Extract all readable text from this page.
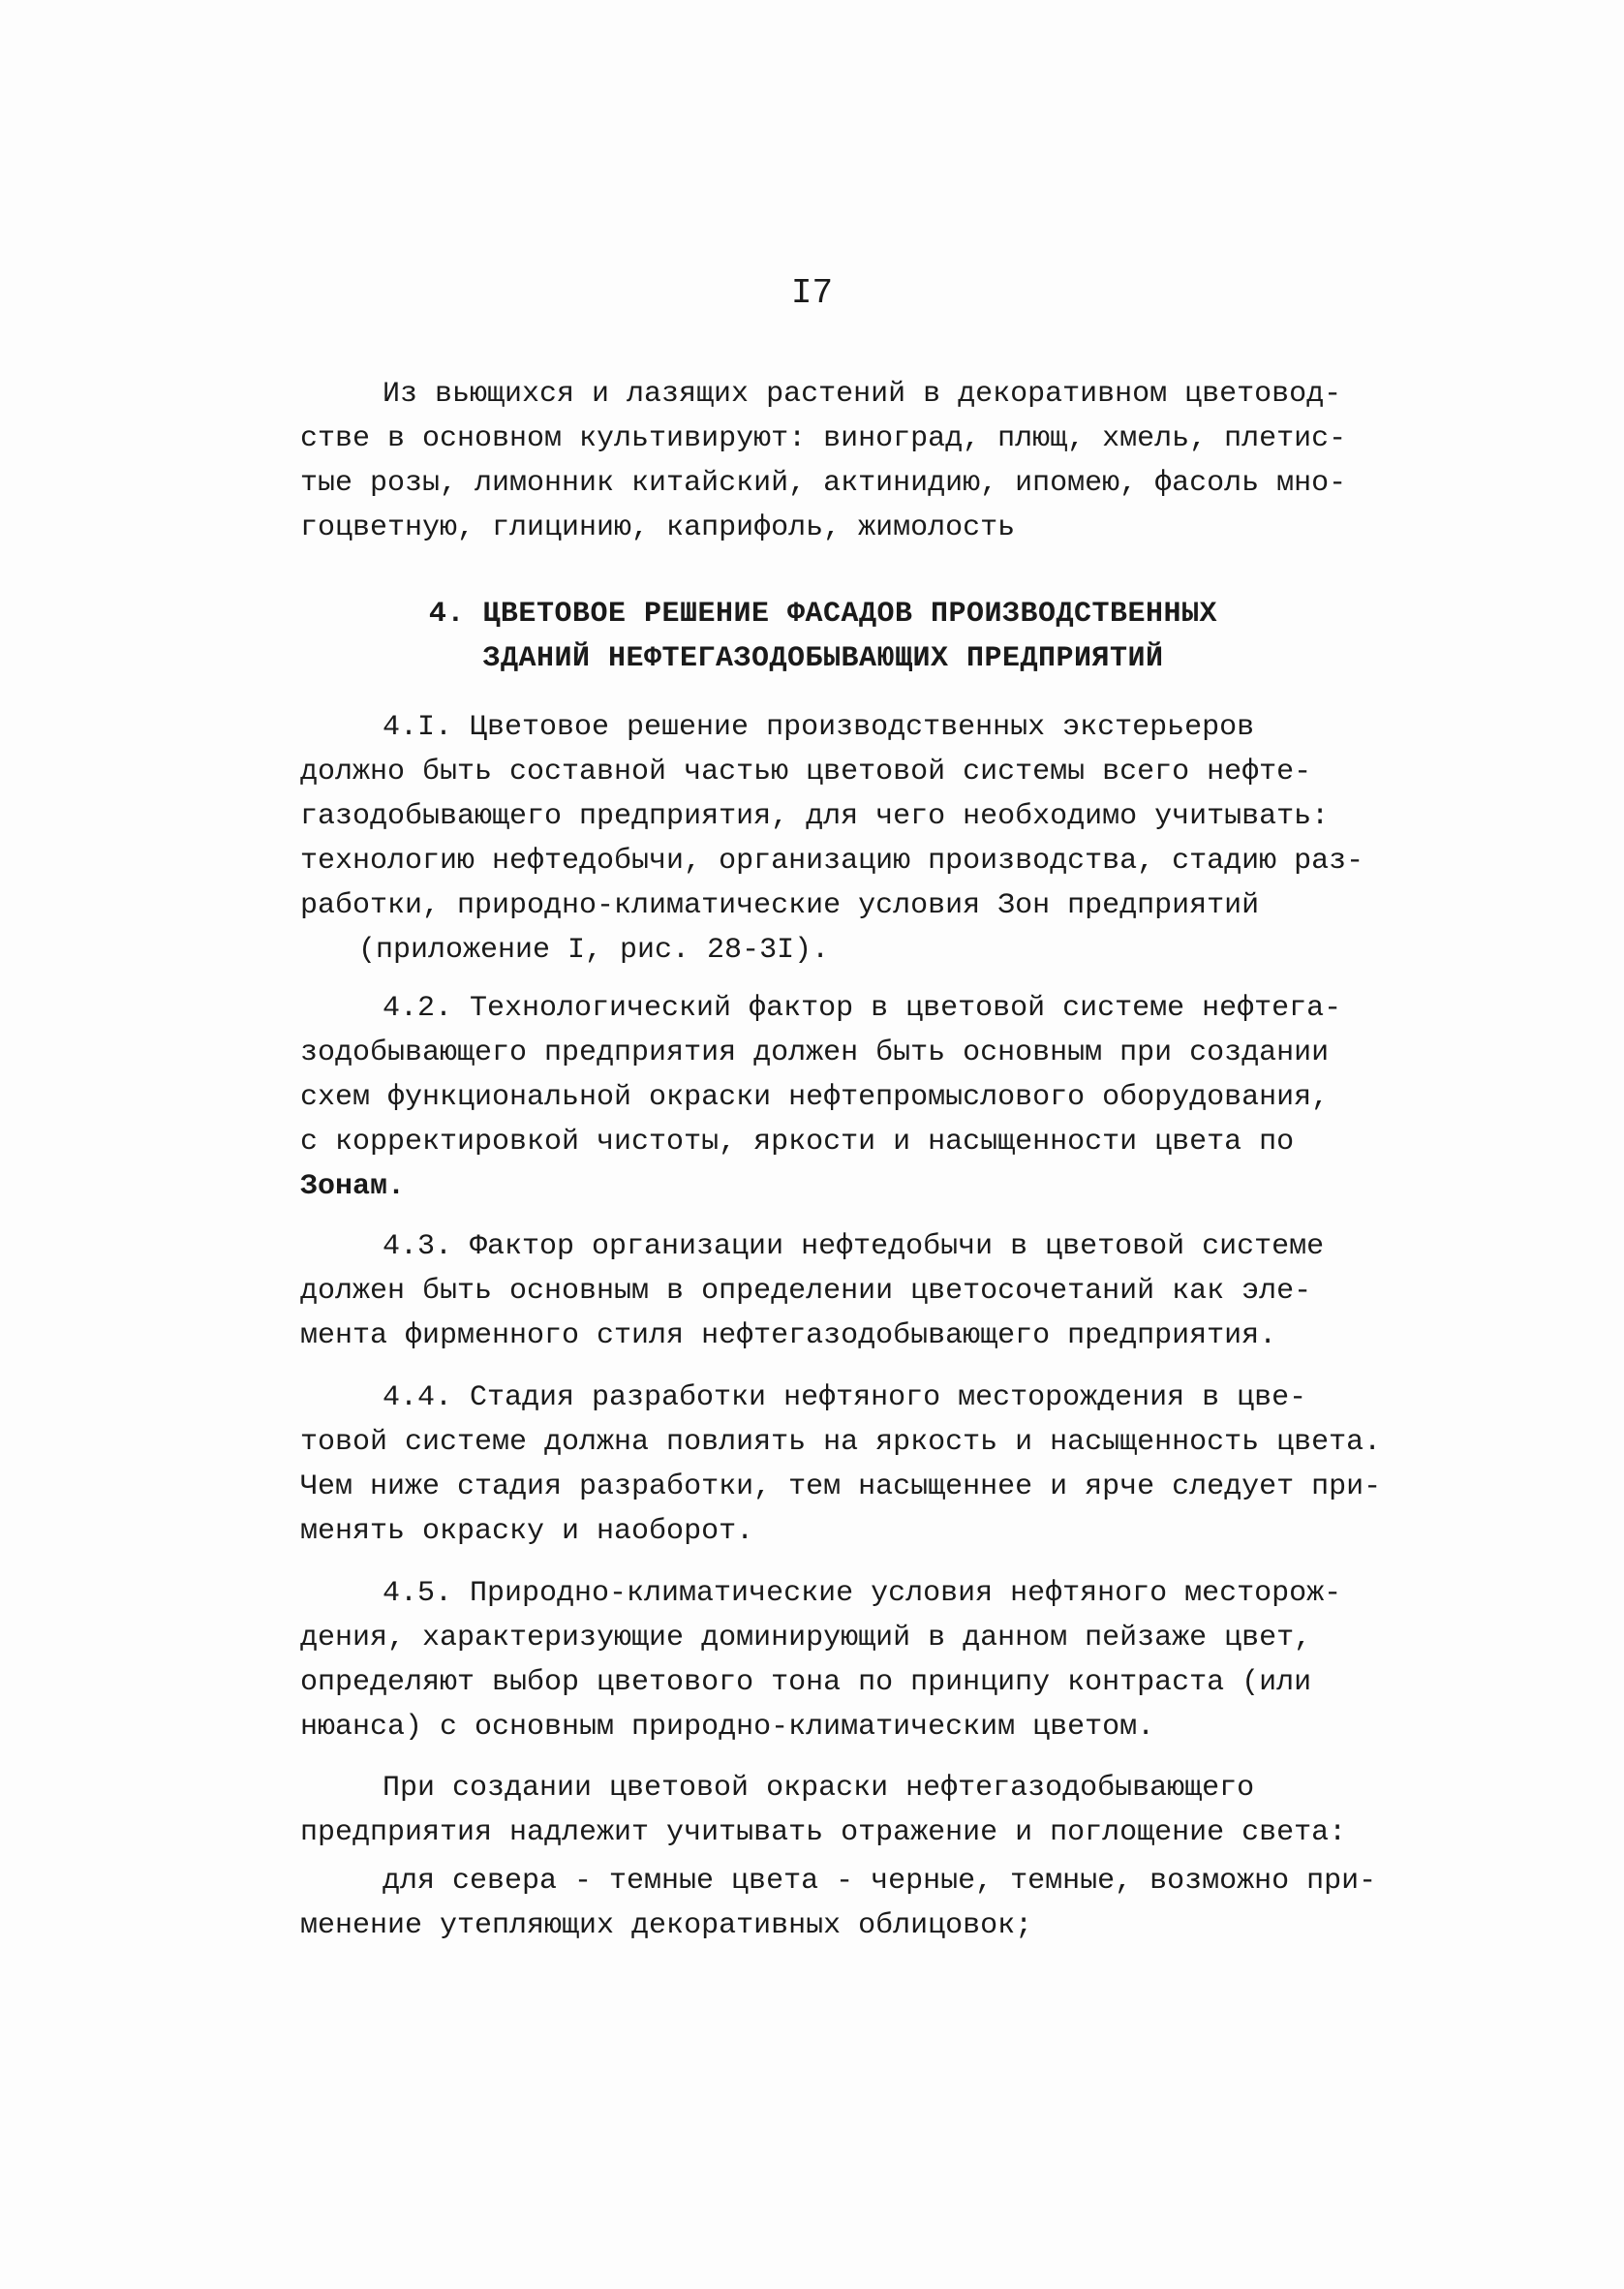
I7
Из вьющихся и лазящих растений в декоративном цветовод-
стве в основном культивируют: виноград, плющ, хмель, плетис-
тые розы, лимонник китайский, актинидию, ипомею, фасоль мно-
гоцветную, глицинию, каприфоль, жимолость
4. ЦВЕТОВОЕ РЕШЕНИЕ ФАСАДОВ ПРОИЗВОДСТВЕННЫХ
ЗДАНИЙ НЕФТЕГАЗОДОБЫВАЮЩИХ ПРЕДПРИЯТИЙ
4.I. Цветовое решение производственных экстерьеров
должно быть составной частью цветовой системы всего нефте-
газодобывающего предприятия, для чего необходимо учитывать:
технологию нефтедобычи, организацию производства, стадию раз-
работки, природно-климатические условия Зон предприятий
(приложение I, рис. 28-3I).
4.2. Технологический фактор в цветовой системе нефтега-
зодобывающего предприятия должен быть основным при создании
схем функциональной окраски нефтепромыслового оборудования,
с корректировкой чистоты, яркости и насыщенности цвета по
Зонам.
4.3. Фактор организации нефтедобычи в цветовой системе
должен быть основным в определении цветосочетаний как эле-
мента фирменного стиля нефтегазодобывающего предприятия.
4.4. Стадия разработки нефтяного месторождения в цве-
товой системе должна повлиять на яркость и насыщенность цвета.
Чем ниже стадия разработки, тем насыщеннее и ярче следует при-
менять окраску и наоборот.
4.5. Природно-климатические условия нефтяного месторож-
дения, характеризующие доминирующий в данном пейзаже цвет,
определяют выбор цветового тона по принципу контраста (или
нюанса) с основным природно-климатическим цветом.
При создании цветовой окраски нефтегазодобывающего
предприятия надлежит учитывать отражение и поглощение света:
для севера - темные цвета - черные, темные, возможно при-
менение утепляющих декоративных облицовок;
